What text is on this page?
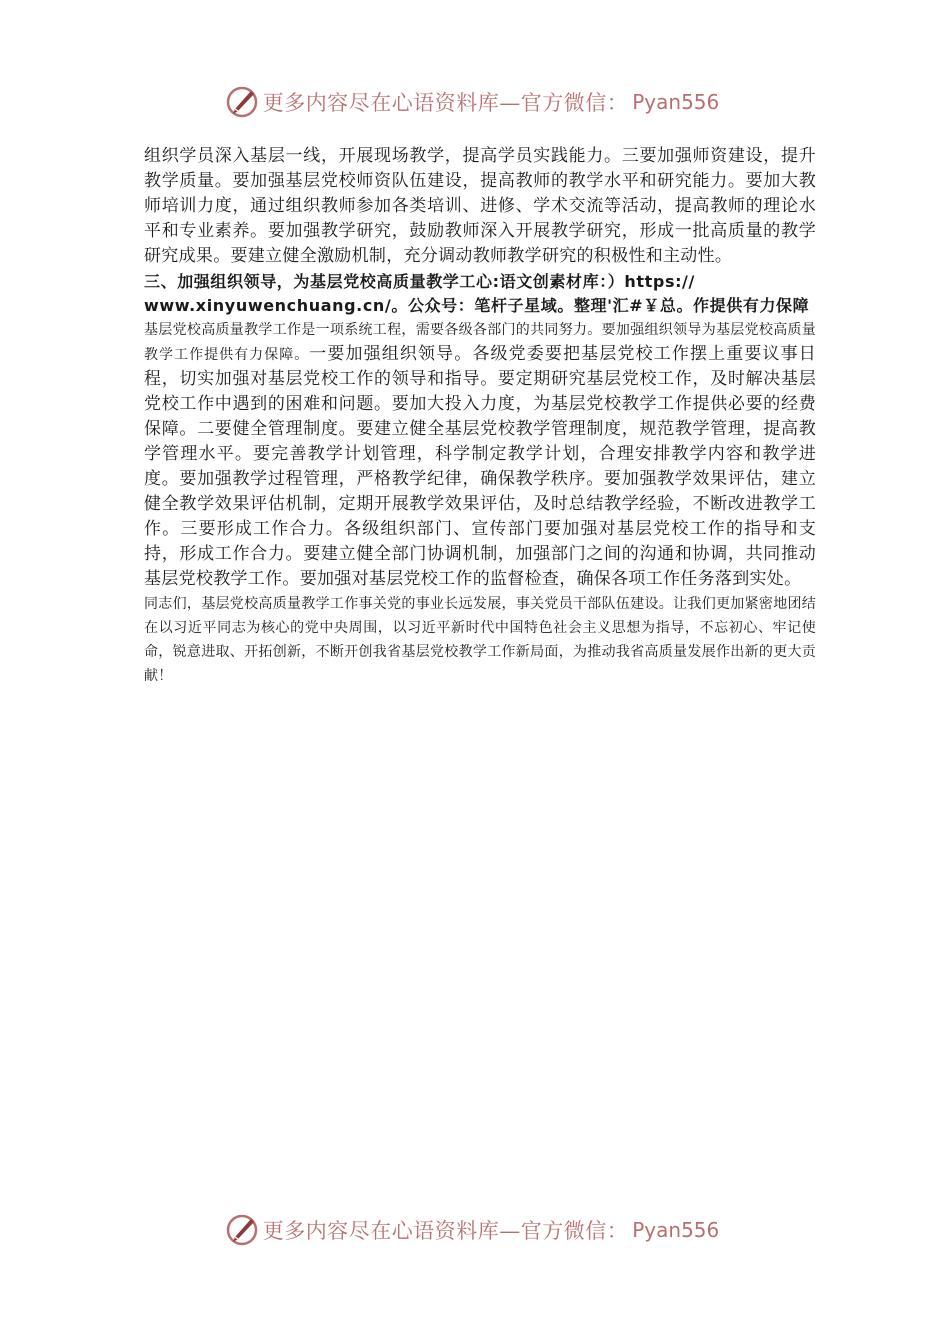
更多内容尽在心语资料库—官方微信： Pyan556

组织学员深入基层一线，开展现场教学，提高学员实践能力。三要加强师资建设，提升教学质量。要加强基层党校师资队伍建设，提高教师的教学水平和研究能力。要加大教师培训力度，通过组织教师参加各类培训、进修、学术交流等活动，提高教师的理论水平和专业素养。要加强教学研究，鼓励教师深入开展教学研究，形成一批高质量的教学研究成果。要建立健全激励机制，充分调动教师教学研究的积极性和主动性。

三、加强组织领导，为基层党校高质量教学工心:语文创素材库：）https://
www.xinyuwenchuang.cn/。公众号：笔杆子星域。整理'汇#￥总。作提供有力保障

基层党校高质量教学工作是一项系统工程，需要各级各部门的共同努力。要加强组织领导为基层党校高质量教学工作提供有力保障。一要加强组织领导。各级党委要把基层党校工作摆上重要议事日程，切实加强对基层党校工作的领导和指导。要定期研究基层党校工作，及时解决基层党校工作中遇到的困难和问题。要加大投入力度，为基层党校教学工作提供必要的经费保障。二要健全管理制度。要建立健全基层党校教学管理制度，规范教学管理，提高教学管理水平。要完善教学计划管理，科学制定教学计划，合理安排教学内容和教学进度。要加强教学过程管理，严格教学纪律，确保教学秩序。要加强教学效果评估，建立健全教学效果评估机制，定期开展教学效果评估，及时总结教学经验，不断改进教学工作。三要形成工作合力。各级组织部门、宣传部门要加强对基层党校工作的指导和支持，形成工作合力。要建立健全部门协调机制，加强部门之间的沟通和协调，共同推动基层党校教学工作。要加强对基层党校工作的监督检查，确保各项工作任务落到实处。

同志们，基层党校高质量教学工作事关党的事业长远发展，事关党员干部队伍建设。让我们更加紧密地团结在以习近平同志为核心的党中央周围，以习近平新时代中国特色社会主义思想为指导，不忘初心、牢记使命，锐意进取、开拓创新，不断开创我省基层党校教学工作新局面，为推动我省高质量发展作出新的更大贡献！

更多内容尽在心语资料库—官方微信： Pyan556
